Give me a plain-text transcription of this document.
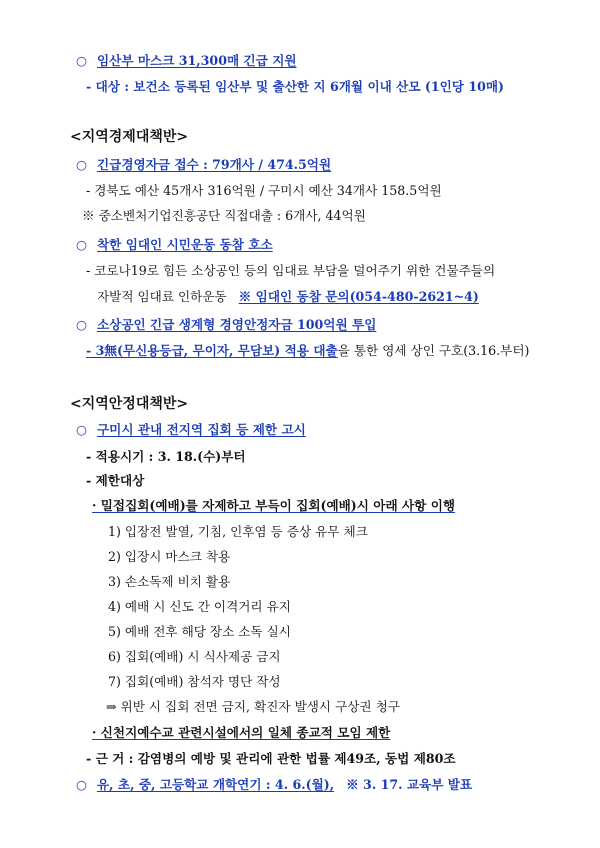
○ 임산부 마스크 31,300매 긴급 지원
- 대상 : 보건소 등록된 임산부 및 출산한 지 6개월 이내 산모 (1인당 10매)
<지역경제대책반>
○ 긴급경영자금 접수 : 79개사 / 474.5억원
- 경북도 예산 45개사 316억원 / 구미시 예산 34개사 158.5억원
※ 중소벤처기업진흥공단 직접대출 : 6개사, 44억원
○ 착한 임대인 시민운동 동참 호소
- 코로나19로 힘든 소상공인 등의 임대료 부담을 덜어주기 위한 건물주들의
자발적 임대료 인하운동 ※ 임대인 동참 문의(054-480-2621~4)
○ 소상공인 긴급 생계형 경영안정자금 100억원 투입
- 3無(무신용등급, 무이자, 무담보) 적용 대출을 통한 영세 상인 구호(3.16.부터)
<지역안정대책반>
○ 구미시 관내 전지역 집회 등 제한 고시
- 적용시기 : 3. 18.(수)부터
- 제한대상
· 밀접집회(예배)를 자제하고 부득이 집회(예배)시 아래 사항 이행
1) 입장전 발열, 기침, 인후염 등 증상 유무 체크
2) 입장시 마스크 착용
3) 손소독제 비치 활용
4) 예배 시 신도 간 이격거리 유지
5) 예배 전후 해당 장소 소독 실시
6) 집회(예배) 시 식사제공 금지
7) 집회(예배) 참석자 명단 작성
⇒ 위반 시 집회 전면 금지, 확진자 발생시 구상권 청구
· 신천지예수교 관련시설에서의 일체 종교적 모임 제한
- 근 거 : 감염병의 예방 및 관리에 관한 법률 제49조, 동법 제80조
○ 유, 초, 중, 고등학교 개학연기 : 4. 6.(월), ※ 3. 17. 교육부 발표
